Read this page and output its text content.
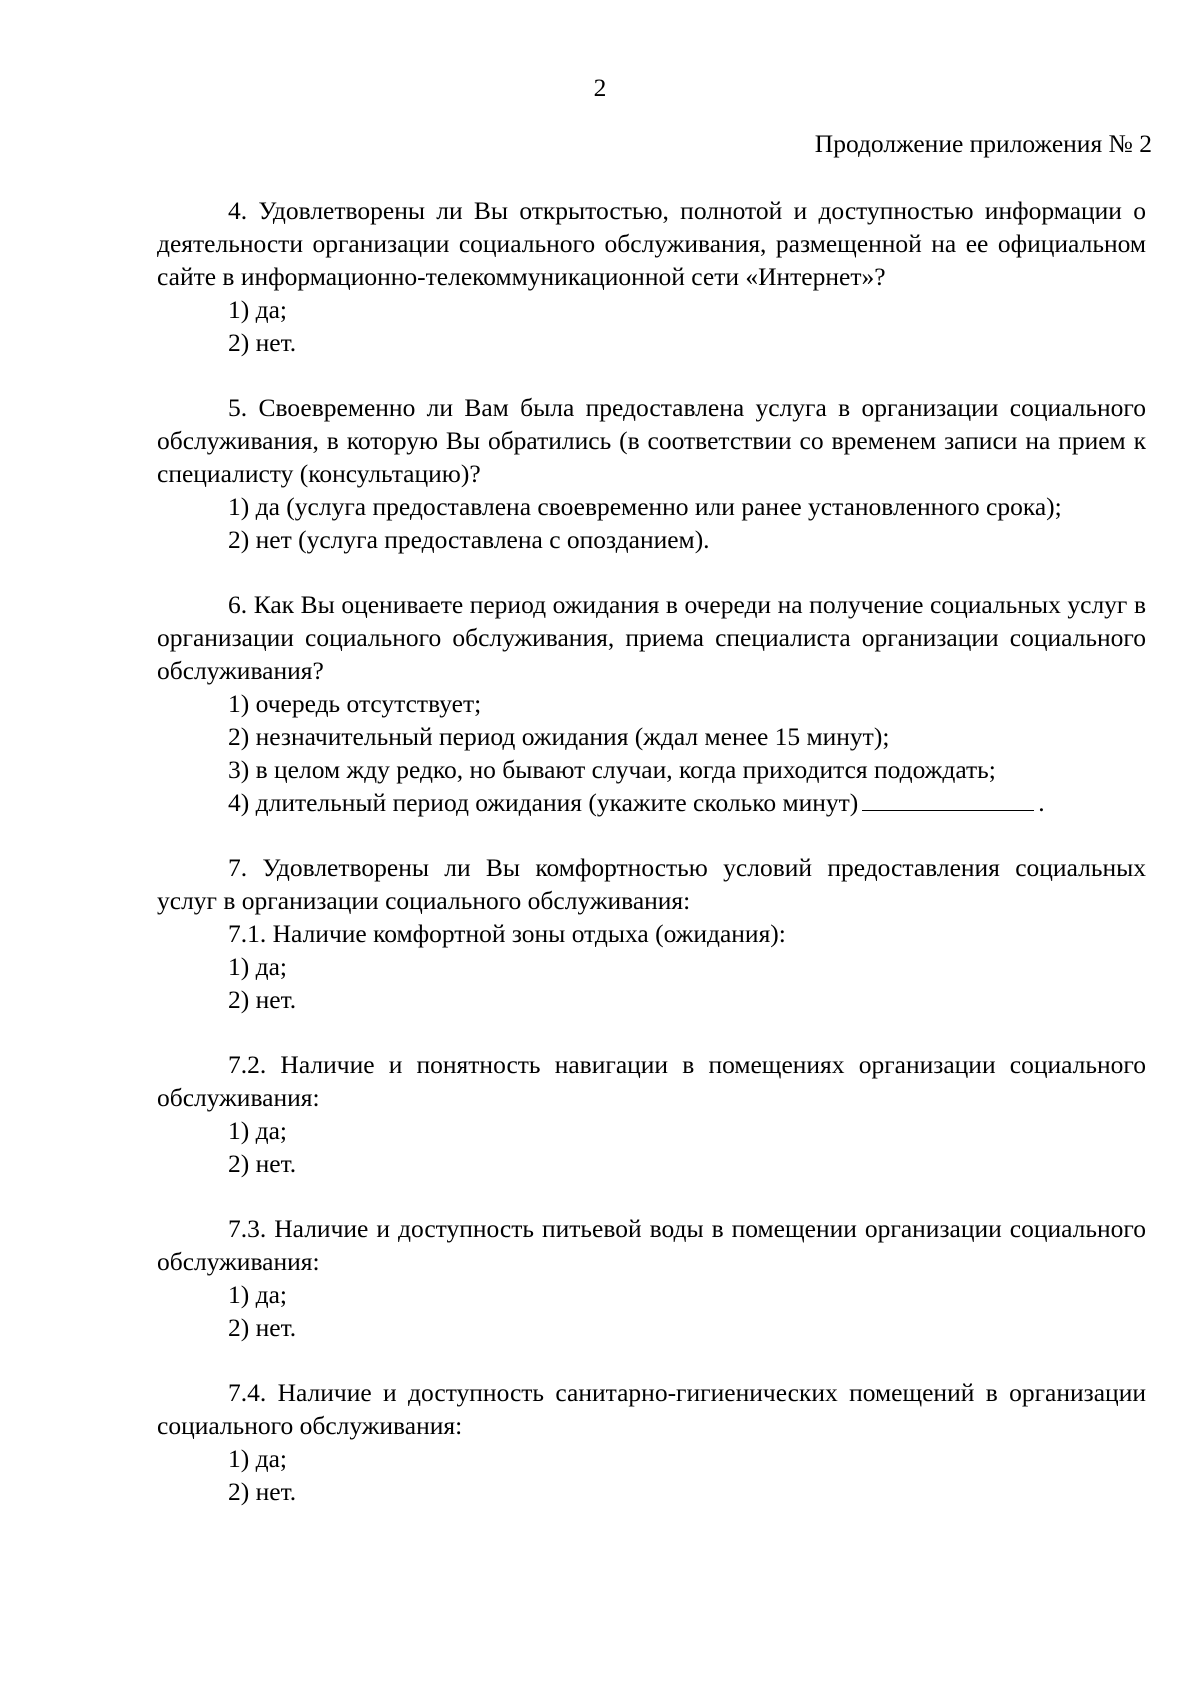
2
Продолжение приложения № 2
4. Удовлетворены ли Вы открытостью, полнотой и доступностью информации о деятельности организации социального обслуживания, размещенной на ее официальном сайте в информационно-телекоммуникационной сети «Интернет»?
1) да;
2) нет.
5. Своевременно ли Вам была предоставлена услуга в организации социального обслуживания, в которую Вы обратились (в соответствии со временем записи на прием к специалисту (консультацию)?
1) да (услуга предоставлена своевременно или ранее установленного срока);
2) нет (услуга предоставлена с опозданием).
6. Как Вы оцениваете период ожидания в очереди на получение социальных услуг в организации социального обслуживания, приема специалиста организации социального обслуживания?
1) очередь отсутствует;
2) незначительный период ожидания (ждал менее 15 минут);
3) в целом жду редко, но бывают случаи, когда приходится подождать;
4) длительный период ожидания (укажите сколько минут)	.
7. Удовлетворены ли Вы комфортностью условий предоставления социальных услуг в организации социального обслуживания:
7.1. Наличие комфортной зоны отдыха (ожидания):
1) да;
2) нет.
7.2. Наличие и понятность навигации в помещениях организации социального обслуживания:
1) да;
2) нет.
7.3. Наличие и доступность питьевой воды в помещении организации социального обслуживания:
1) да;
2) нет.
7.4. Наличие и доступность санитарно-гигиенических помещений в организации социального обслуживания:
1) да;
2) нет.
